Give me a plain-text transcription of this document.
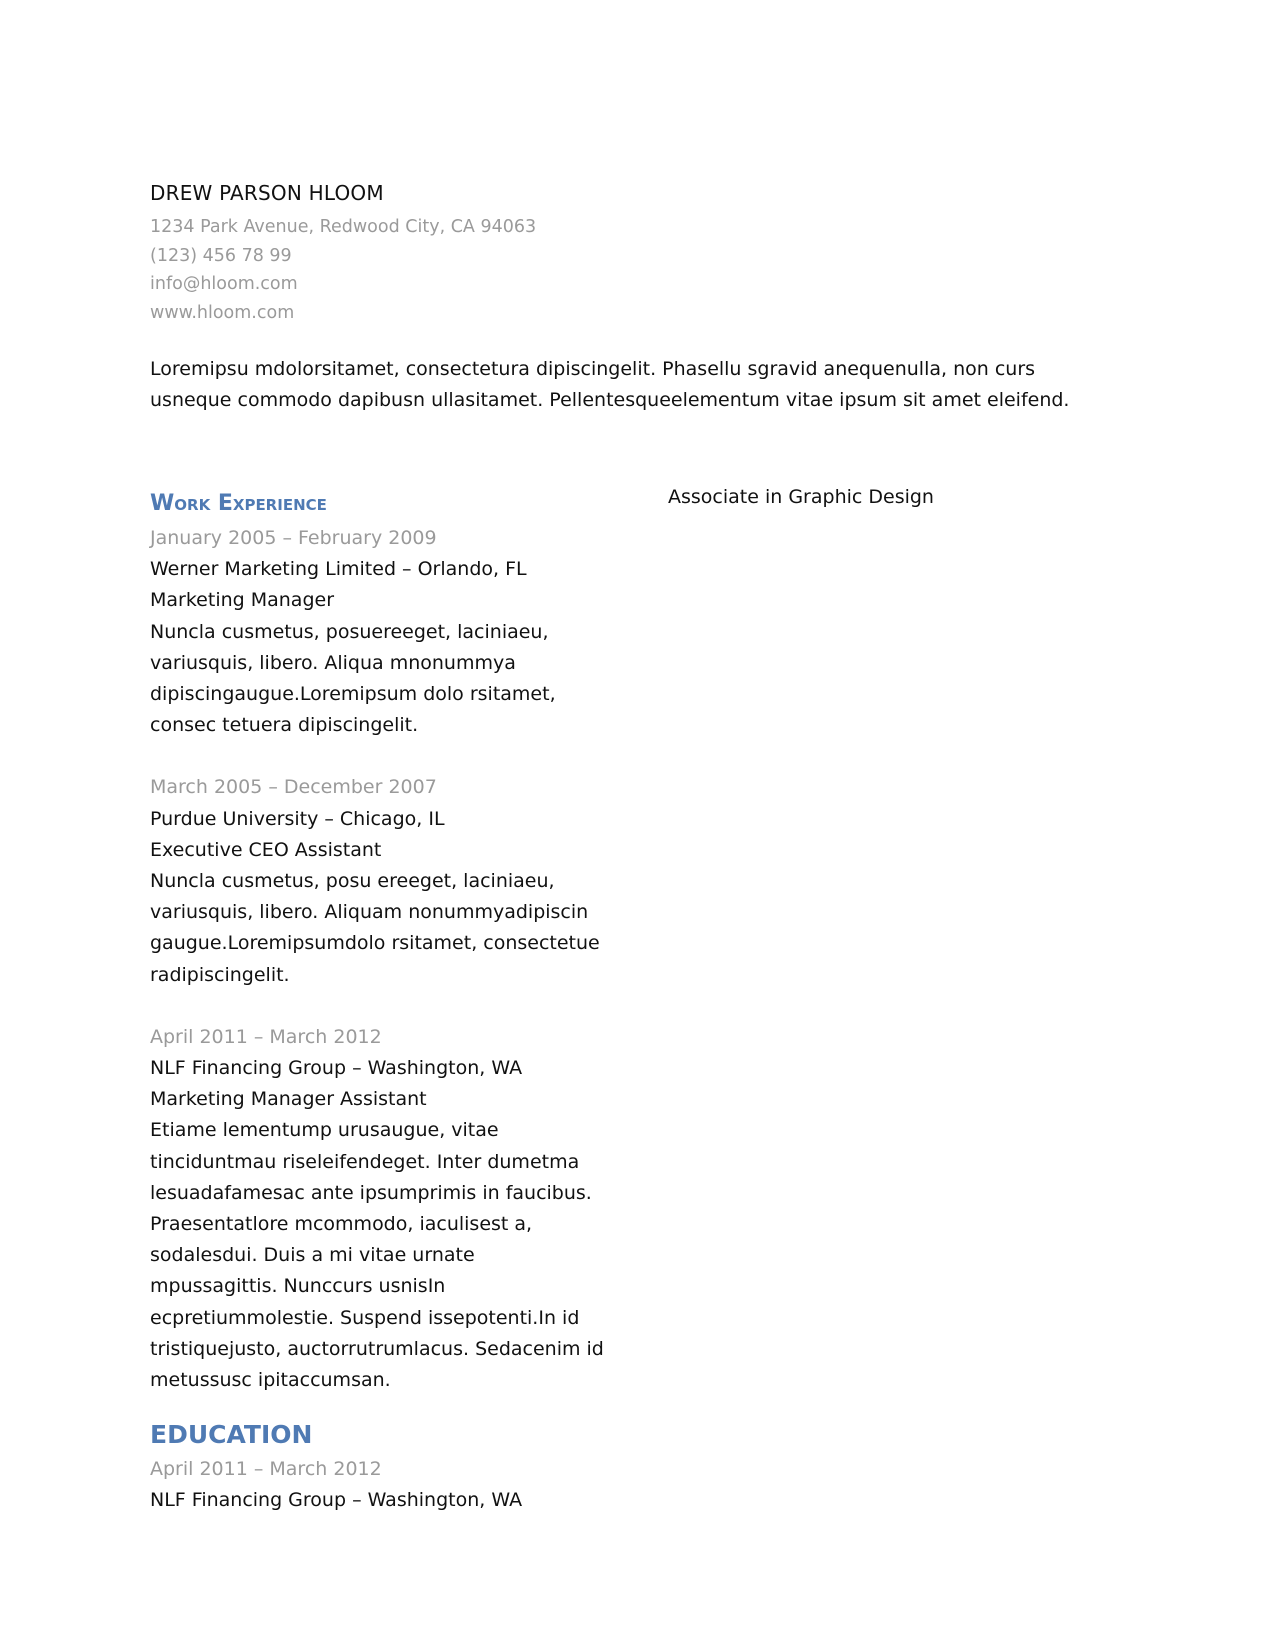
DREW PARSON HLOOM
1234 Park Avenue, Redwood City, CA 94063
(123) 456 78 99
info@hloom.com
www.hloom.com
Loremipsu mdolorsitamet, consectetura dipiscingelit. Phasellu sgravid anequenulla, non curs usneque commodo dapibusn ullasitamet. Pellentesqueelementum vitae ipsum sit amet eleifend.
Work Experience
January 2005 – February 2009
Werner Marketing Limited – Orlando, FL
Marketing Manager
Nuncla cusmetus, posuereeget, laciniaeu, variusquis, libero. Aliqua mnonummya dipiscingaugue.Loremipsum dolo rsitamet, consec tetuera dipiscingelit.
March 2005 – December 2007
Purdue University – Chicago, IL
Executive CEO Assistant
Nuncla cusmetus, posu ereeget, laciniaeu, variusquis, libero. Aliquam nonummyadipiscin gaugue.Loremipsumdolo rsitamet, consectetue radipiscingelit.
April 2011 – March 2012
NLF Financing Group – Washington, WA
Marketing Manager Assistant
Etiame lementump urusaugue, vitae tinciduntmau riseleifendeget. Inter dumetma lesuadafamesac ante ipsumprimis in faucibus. Praesentatlore mcommodo, iaculisest a, sodalesdui. Duis a mi vitae urnate mpussagittis. Nunccurs usnisIn ecpretiummolestie. Suspend issepotenti.In id tristiquejusto, auctorrutrumlacus. Sedacenim id metussusc ipitaccumsan.
EDUCATION
April 2011 – March 2012
NLF Financing Group – Washington, WA
Associate in Graphic Design
